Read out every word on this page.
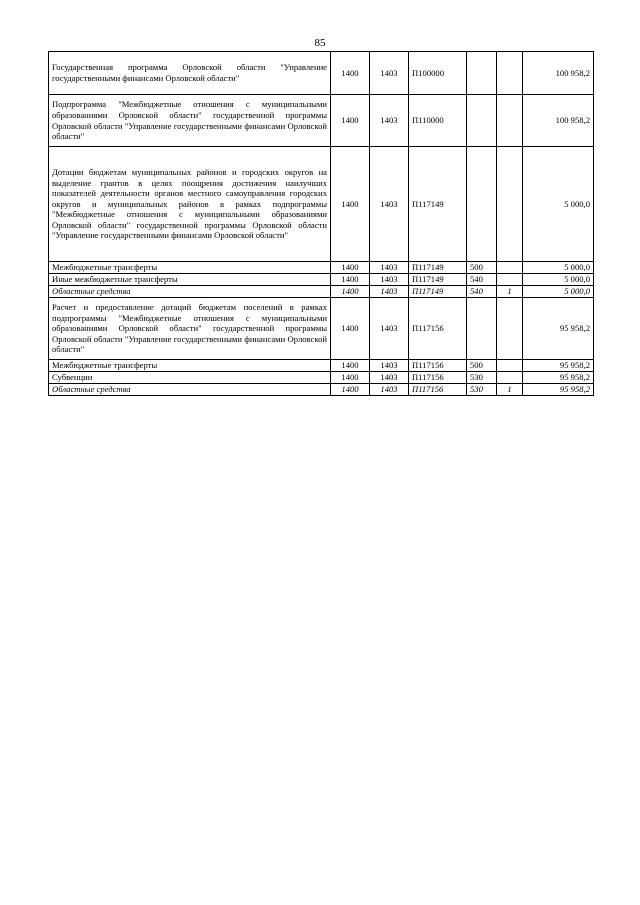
85
Государственная программа Орловской области "Управление государственными финансами Орловской области"	1400	1403	П100000			100 958,2
Подпрограмма "Межбюджетные отношения с муниципальными образованиями Орловской области" государственной программы Орловской области "Управление государственными финансами Орловской области"	1400	1403	П110000			100 958,2
Дотации бюджетам муниципальных районов и городских округов на выделение грантов в целях поощрения достижения наилучших показателей деятельности органов местного самоуправления городских округов и муниципальных районов в рамках подпрограммы "Межбюджетные отношения с муниципальными образованиями Орловской области" государственной программы Орловской области "Управление государственными финансами Орловской области"	1400	1403	П117149			5 000,0
Межбюджетные трансферты	1400	1403	П117149	500		5 000,0
Иные межбюджетные трансферты	1400	1403	П117149	540		5 000,0
Областные средства	1400	1403	П117149	540	1	5 000,0
Расчет и предоставление дотаций бюджетам поселений в рамках подпрограммы "Межбюджетные отношения с муниципальными образованиями Орловской области" государственной программы Орловской области "Управление государственными финансами Орловской области"	1400	1403	П117156			95 958,2
Межбюджетные трансферты	1400	1403	П117156	500		95 958,2
Субвенции	1400	1403	П117156	530		95 958,2
Областные средства	1400	1403	П117156	530	1	95 958,2
